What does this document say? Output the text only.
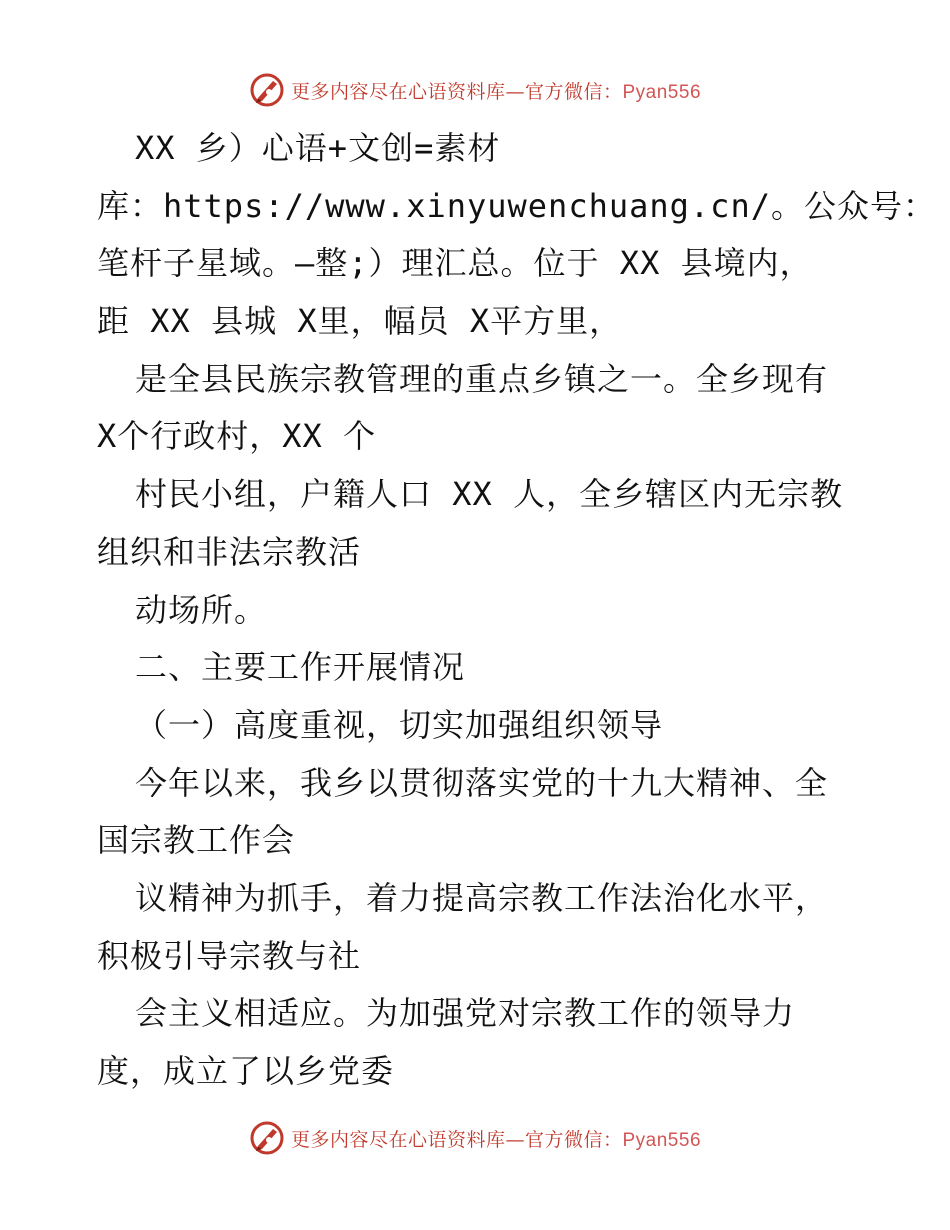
更多内容尽在心语资料库—官方微信：Pyan556
XX 乡）心语+文创=素材
库：https://www.xinyuwenchuang.cn/。公众号：
笔杆子星域。—整;）理汇总。位于 XX 县境内，
距 XX 县城 X里，幅员 X平方里，
是全县民族宗教管理的重点乡镇之一。全乡现有
X个行政村，XX 个
村民小组，户籍人口 XX 人，全乡辖区内无宗教
组织和非法宗教活
动场所。
二、主要工作开展情况
（一）高度重视，切实加强组织领导
今年以来，我乡以贯彻落实党的十九大精神、全
国宗教工作会
议精神为抓手，着力提高宗教工作法治化水平，
积极引导宗教与社
会主义相适应。为加强党对宗教工作的领导力
度，成立了以乡党委
更多内容尽在心语资料库—官方微信：Pyan556
